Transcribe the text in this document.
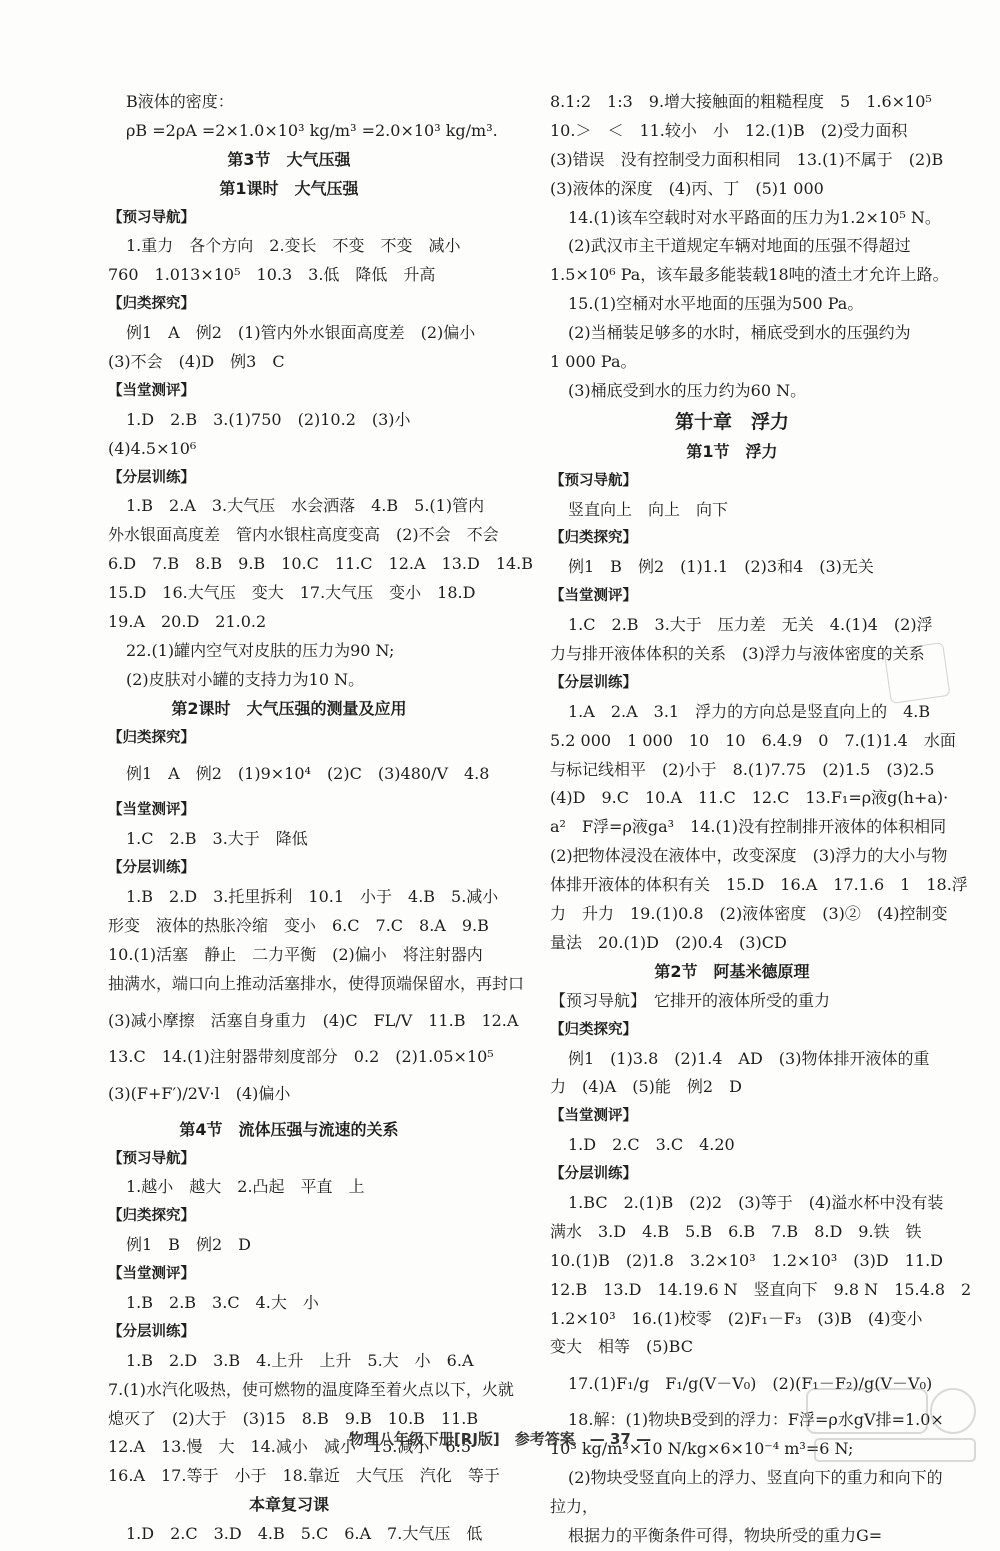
B液体的密度：
ρB =2ρA =2×1.0×10³ kg/m³ =2.0×10³ kg/m³.
第3节　大气压强
第1课时　大气压强
【预习导航】
1.重力　各个方向　2.变长　不变　不变　减小
760　1.013×10⁵　10.3　3.低　降低　升高
【归类探究】
例1　A　例2　(1)管内外水银面高度差　(2)偏小
(3)不会　(4)D　例3　C
【当堂测评】
1.D　2.B　3.(1)750　(2)10.2　(3)小
(4)4.5×10⁶
【分层训练】
1.B　2.A　3.大气压　水会洒落　4.B　5.(1)管内
外水银面高度差　管内水银柱高度变高　(2)不会　不会
6.D　7.B　8.B　9.B　10.C　11.C　12.A　13.D　14.B
15.D　16.大气压　变大　17.大气压　变小　18.D
19.A　20.D　21.0.2
22.(1)罐内空气对皮肤的压力为90 N;
(2)皮肤对小罐的支持力为10 N。
第2课时　大气压强的测量及应用
【归类探究】
例1　A　例2　(1)9×10⁴　(2)C　(3)480/V　4.8
【当堂测评】
1.C　2.B　3.大于　降低
【分层训练】
1.B　2.D　3.托里拆利　10.1　小于　4.B　5.减小
形变　液体的热胀冷缩　变小　6.C　7.C　8.A　9.B
10.(1)活塞　静止　二力平衡　(2)偏小　将注射器内
抽满水，端口向上推动活塞排水，使得顶端保留水，再封口
(3)减小摩擦　活塞自身重力　(4)C　FL/V　11.B　12.A
13.C　14.(1)注射器带刻度部分　0.2　(2)1.05×10⁵
(3)(F+F′)/2V·l　(4)偏小
第4节　流体压强与流速的关系
【预习导航】
1.越小　越大　2.凸起　平直　上
【归类探究】
例1　B　例2　D
【当堂测评】
1.B　2.B　3.C　4.大　小
【分层训练】
1.B　2.D　3.B　4.上升　上升　5.大　小　6.A
7.(1)水汽化吸热，使可燃物的温度降至着火点以下，火就
熄灭了　(2)大于　(3)15　8.B　9.B　10.B　11.B
12.A　13.慢　大　14.减小　减小　15.减小　6:5
16.A　17.等于　小于　18.靠近　大气压　汽化　等于
本章复习课
1.D　2.C　3.D　4.B　5.C　6.A　7.大气压　低
8.1:2　1:3　9.增大接触面的粗糙程度　5　1.6×10⁵
10.＞　＜　11.较小　小　12.(1)B　(2)受力面积
(3)错误　没有控制受力面积相同　13.(1)不属于　(2)B
(3)液体的深度　(4)丙、丁　(5)1 000
14.(1)该车空载时对水平路面的压力为1.2×10⁵ N。
(2)武汉市主干道规定车辆对地面的压强不得超过
1.5×10⁶ Pa，该车最多能装载18吨的渣土才允许上路。
15.(1)空桶对水平地面的压强为500 Pa。
(2)当桶装足够多的水时，桶底受到水的压强约为
1 000 Pa。
(3)桶底受到水的压力约为60 N。
第十章　浮力
第1节　浮力
【预习导航】
竖直向上　向上　向下
【归类探究】
例1　B　例2　(1)1.1　(2)3和4　(3)无关
【当堂测评】
1.C　2.B　3.大于　压力差　无关　4.(1)4　(2)浮
力与排开液体体积的关系　(3)浮力与液体密度的关系
【分层训练】
1.A　2.A　3.1　浮力的方向总是竖直向上的　4.B
5.2 000　1 000　10　10　6.4.9　0　7.(1)1.4　水面
与标记线相平　(2)小于　8.(1)7.75　(2)1.5　(3)2.5
(4)D　9.C　10.A　11.C　12.C　13.F₁=ρ液g(h+a)·
a²　F浮=ρ液ga³　14.(1)没有控制排开液体的体积相同
(2)把物体浸没在液体中，改变深度　(3)浮力的大小与物
体排开液体的体积有关　15.D　16.A　17.1.6　1　18.浮
力　升力　19.(1)0.8　(2)液体密度　(3)②　(4)控制变
量法　20.(1)D　(2)0.4　(3)CD
第2节　阿基米德原理
【预习导航】　它排开的液体所受的重力
【归类探究】
例1　(1)3.8　(2)1.4　AD　(3)物体排开液体的重
力　(4)A　(5)能　例2　D
【当堂测评】
1.D　2.C　3.C　4.20
【分层训练】
1.BC　2.(1)B　(2)2　(3)等于　(4)溢水杯中没有装
满水　3.D　4.B　5.B　6.B　7.B　8.D　9.铁　铁
10.(1)B　(2)1.8　3.2×10³　1.2×10³　(3)D　11.D
12.B　13.D　14.19.6 N　竖直向下　9.8 N　15.4.8　2
1.2×10³　16.(1)校零　(2)F₁－F₃　(3)B　(4)变小
变大　相等　(5)BC
17.(1)F₁/g　F₁/g(V－V₀)　(2)(F₁－F₂)/g(V－V₀)
18.解：(1)物块B受到的浮力：F浮=ρ水gV排=1.0×
10³ kg/m³×10 N/kg×6×10⁻⁴ m³=6 N;
(2)物块受竖直向上的浮力、竖直向下的重力和向下的
拉力，
根据力的平衡条件可得，物块所受的重力G=
物理八年级下册[RJ版]　参考答案　— 37 —
